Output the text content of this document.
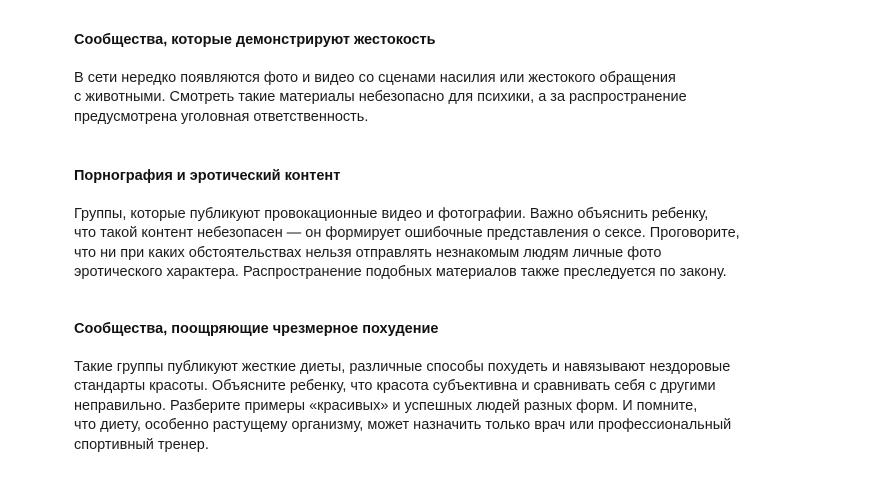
Сообщества, которые демонстрируют жестокость

В сети нередко появляются фото и видео со сценами насилия или жестокого обращения
с животными. Смотреть такие материалы небезопасно для психики, а за распространение
предусмотрена уголовная ответственность.

Порнография и эротический контент

Группы, которые публикуют провокационные видео и фотографии. Важно объяснить ребенку,
что такой контент небезопасен — он формирует ошибочные представления о сексе. Проговорите,
что ни при каких обстоятельствах нельзя отправлять незнакомым людям личные фото
эротического характера. Распространение подобных материалов также преследуется по закону.

Сообщества, поощряющие чрезмерное похудение

Такие группы публикуют жесткие диеты, различные способы похудеть и навязывают нездоровые
стандарты красоты. Объясните ребенку, что красота субъективна и сравнивать себя с другими
неправильно. Разберите примеры «красивых» и успешных людей разных форм. И помните,
что диету, особенно растущему организму, может назначить только врач или профессиональный
спортивный тренер.
